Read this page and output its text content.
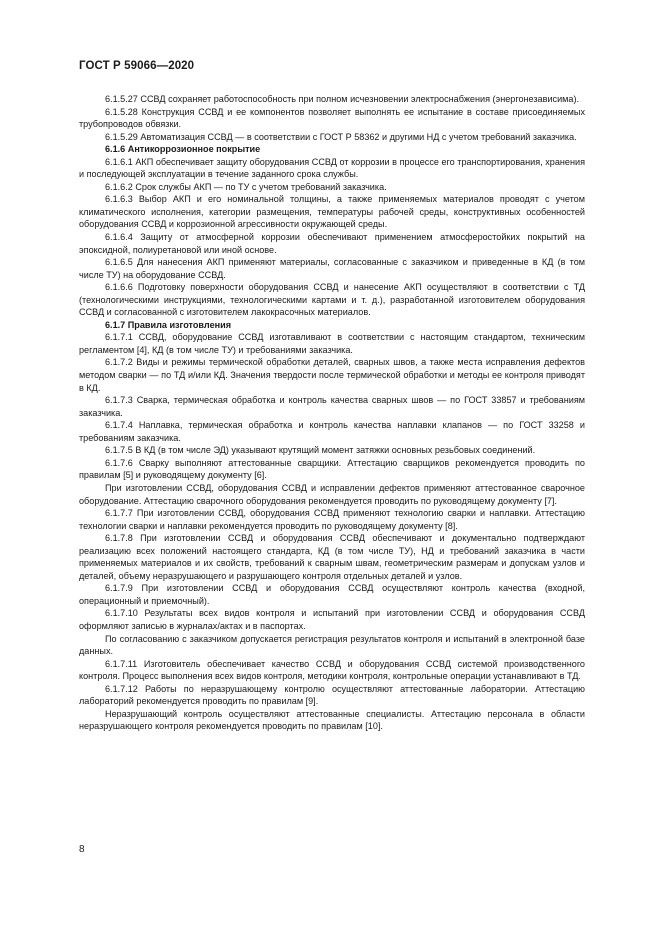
ГОСТ Р 59066—2020

6.1.5.27 ССВД сохраняет работоспособность при полном исчезновении электроснабжения (энергонезависима).

6.1.5.28 Конструкция ССВД и ее компонентов позволяет выполнять ее испытание в составе присоединяемых трубопроводов обвязки.

6.1.5.29 Автоматизация ССВД — в соответствии с ГОСТ Р 58362 и другими НД с учетом требований заказчика.

6.1.6 Антикоррозионное покрытие

6.1.6.1 АКП обеспечивает защиту оборудования ССВД от коррозии в процессе его транспортирования, хранения и последующей эксплуатации в течение заданного срока службы.

6.1.6.2 Срок службы АКП — по ТУ с учетом требований заказчика.

6.1.6.3 Выбор АКП и его номинальной толщины, а также применяемых материалов проводят с учетом климатического исполнения, категории размещения, температуры рабочей среды, конструктивных особенностей оборудования ССВД и коррозионной агрессивности окружающей среды.

6.1.6.4 Защиту от атмосферной коррозии обеспечивают применением атмосферостойких покрытий на эпоксидной, полиуретановой или иной основе.

6.1.6.5 Для нанесения АКП применяют материалы, согласованные с заказчиком и приведенные в КД (в том числе ТУ) на оборудование ССВД.

6.1.6.6 Подготовку поверхности оборудования ССВД и нанесение АКП осуществляют в соответствии с ТД (технологическими инструкциями, технологическими картами и т. д.), разработанной изготовителем оборудования ССВД и согласованной с изготовителем лакокрасочных материалов.

6.1.7 Правила изготовления

6.1.7.1 ССВД, оборудование ССВД изготавливают в соответствии с настоящим стандартом, техническим регламентом [4], КД (в том числе ТУ) и требованиями заказчика.

6.1.7.2 Виды и режимы термической обработки деталей, сварных швов, а также места исправления дефектов методом сварки — по ТД и/или КД. Значения твердости после термической обработки и методы ее контроля приводят в КД.

6.1.7.3 Сварка, термическая обработка и контроль качества сварных швов — по ГОСТ 33857 и требованиям заказчика.

6.1.7.4 Наплавка, термическая обработка и контроль качества наплавки клапанов — по ГОСТ 33258 и требованиям заказчика.

6.1.7.5 В КД (в том числе ЭД) указывают крутящий момент затяжки основных резьбовых соединений.

6.1.7.6 Сварку выполняют аттестованные сварщики. Аттестацию сварщиков рекомендуется проводить по правилам [5] и руководящему документу [6].

При изготовлении ССВД, оборудования ССВД и исправлении дефектов применяют аттестованное сварочное оборудование. Аттестацию сварочного оборудования рекомендуется проводить по руководящему документу [7].

6.1.7.7 При изготовлении ССВД, оборудования ССВД применяют технологию сварки и наплавки. Аттестацию технологии сварки и наплавки рекомендуется проводить по руководящему документу [8].

6.1.7.8 При изготовлении ССВД и оборудования ССВД обеспечивают и документально подтверждают реализацию всех положений настоящего стандарта, КД (в том числе ТУ), НД и требований заказчика в части применяемых материалов и их свойств, требований к сварным швам, геометрическим размерам и допускам узлов и деталей, объему неразрушающего и разрушающего контроля отдельных деталей и узлов.

6.1.7.9 При изготовлении ССВД и оборудования ССВД осуществляют контроль качества (входной, операционный и приемочный).

6.1.7.10 Результаты всех видов контроля и испытаний при изготовлении ССВД и оборудования ССВД оформляют записью в журналах/актах и в паспортах.

По согласованию с заказчиком допускается регистрация результатов контроля и испытаний в электронной базе данных.

6.1.7.11 Изготовитель обеспечивает качество ССВД и оборудования ССВД системой производственного контроля. Процесс выполнения всех видов контроля, методики контроля, контрольные операции устанавливают в ТД.

6.1.7.12 Работы по неразрушающему контролю осуществляют аттестованные лаборатории. Аттестацию лабораторий рекомендуется проводить по правилам [9].

Неразрушающий контроль осуществляют аттестованные специалисты. Аттестацию персонала в области неразрушающего контроля рекомендуется проводить по правилам [10].

8
